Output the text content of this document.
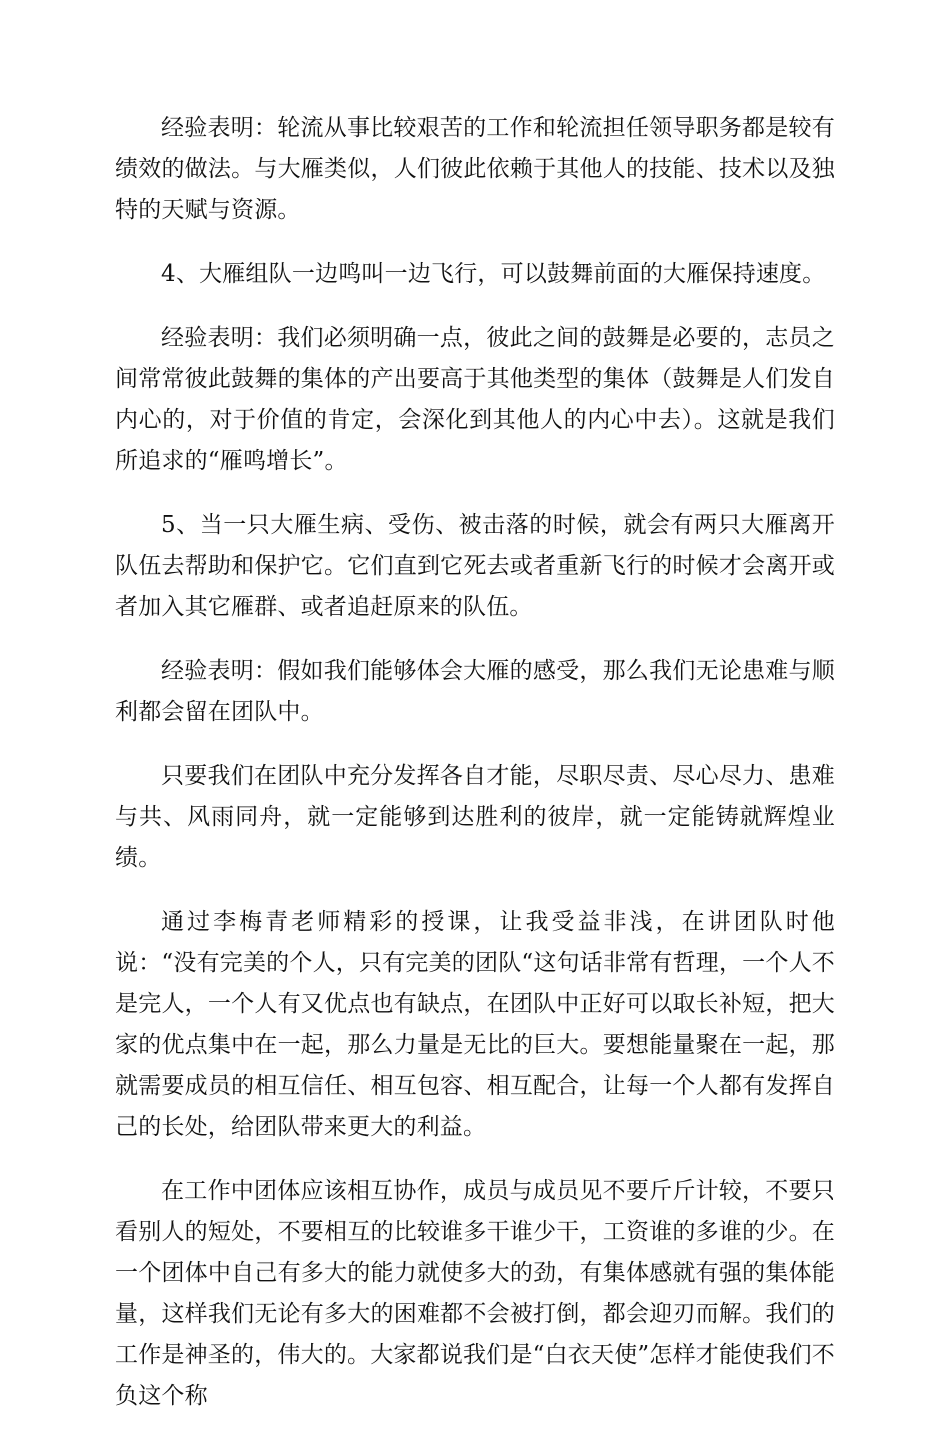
经验表明：轮流从事比较艰苦的工作和轮流担任领导职务都是较有绩效的做法。与大雁类似，人们彼此依赖于其他人的技能、技术以及独特的天赋与资源。

4、大雁组队一边鸣叫一边飞行，可以鼓舞前面的大雁保持速度。

经验表明：我们必须明确一点，彼此之间的鼓舞是必要的，志员之间常常彼此鼓舞的集体的产出要高于其他类型的集体（鼓舞是人们发自内心的，对于价值的肯定，会深化到其他人的内心中去）。这就是我们所追求的“雁鸣增长”。

5、当一只大雁生病、受伤、被击落的时候，就会有两只大雁离开队伍去帮助和保护它。它们直到它死去或者重新飞行的时候才会离开或者加入其它雁群、或者追赶原来的队伍。

经验表明：假如我们能够体会大雁的感受，那么我们无论患难与顺利都会留在团队中。

只要我们在团队中充分发挥各自才能，尽职尽责、尽心尽力、患难与共、风雨同舟，就一定能够到达胜利的彼岸，就一定能铸就辉煌业绩。

通过李梅青老师精彩的授课，让我受益非浅，在讲团队时他说：“没有完美的个人，只有完美的团队“这句话非常有哲理，一个人不是完人，一个人有又优点也有缺点，在团队中正好可以取长补短，把大家的优点集中在一起，那么力量是无比的巨大。要想能量聚在一起，那就需要成员的相互信任、相互包容、相互配合，让每一个人都有发挥自己的长处，给团队带来更大的利益。

在工作中团体应该相互协作，成员与成员见不要斤斤计较，不要只看别人的短处，不要相互的比较谁多干谁少干，工资谁的多谁的少。在一个团体中自己有多大的能力就使多大的劲，有集体感就有强的集体能量，这样我们无论有多大的困难都不会被打倒，都会迎刃而解。我们的工作是神圣的，伟大的。大家都说我们是“白衣天使”怎样才能使我们不负这个称
